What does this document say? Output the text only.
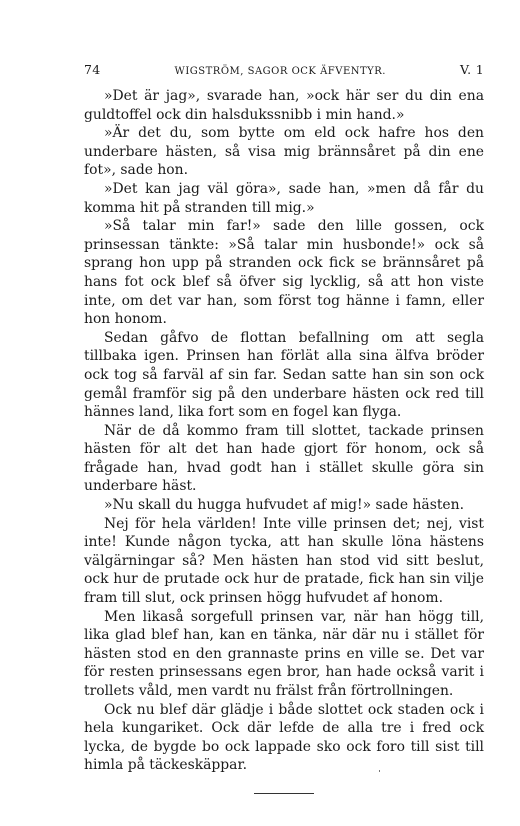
74	WIGSTRÖM, SAGOR OCK ÄFVENTYR.	V. 1

»Det är jag», svarade han, »ock här ser du din ena guldtoffel ock din halsdukssnibb i min hand.»

»Är det du, som bytte om eld ock hafre hos den underbare hästen, så visa mig brännsåret på din ene fot», sade hon.

»Det kan jag väl göra», sade han, »men då får du komma hit på stranden till mig.»

»Så talar min far!» sade den lille gossen, ock prinsessan tänkte: »Så talar min husbonde!» ock så sprang hon upp på stranden ock fick se brännsåret på hans fot ock blef så öfver sig lycklig, så att hon viste inte, om det var han, som först tog hänne i famn, eller hon honom.

Sedan gåfvo de flottan befallning om att segla tillbaka igen. Prinsen han förlät alla sina älfva bröder ock tog så farväl af sin far. Sedan satte han sin son ock gemål framför sig på den underbare hästen ock red till hännes land, lika fort som en fogel kan flyga.

När de då kommo fram till slottet, tackade prinsen hästen för alt det han hade gjort för honom, ock så frågade han, hvad godt han i stället skulle göra sin underbare häst.

»Nu skall du hugga hufvudet af mig!» sade hästen.

Nej för hela världen! Inte ville prinsen det; nej, vist inte! Kunde någon tycka, att han skulle löna hästens välgärningar så? Men hästen han stod vid sitt beslut, ock hur de prutade ock hur de pratade, fick han sin vilje fram till slut, ock prinsen högg hufvudet af honom.

Men likaså sorgefull prinsen var, när han högg till, lika glad blef han, kan en tänka, när där nu i stället för hästen stod en den grannaste prins en ville se. Det var för resten prinsessans egen bror, han hade också varit i trollets våld, men vardt nu frälst från förtrollningen.

Ock nu blef där glädje i både slottet ock staden ock i hela kungariket. Ock där lefde de alla tre i fred ock lycka, de bygde bo ock lappade sko ock foro till sist till himla på täckeskäppar.
